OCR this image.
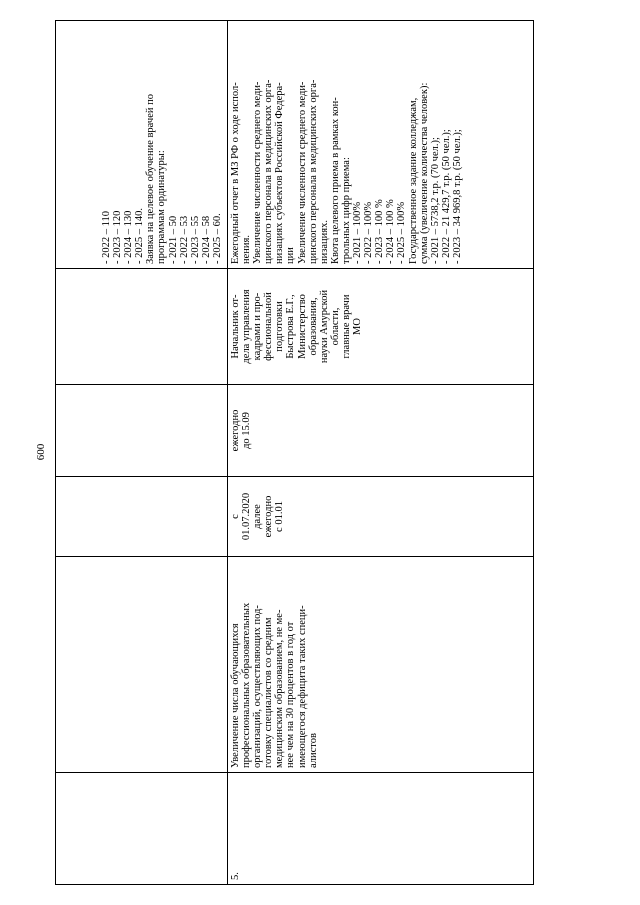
600
- 2022 – 110 - 2023 – 120 - 2024 – 130 - 2025 – 140. Заявка на целевое обучение врачей по программам ординатуры: - 2021 – 50 - 2022 – 53 - 2023 – 55 - 2024 – 58 - 2025 – 60.
5.
Увеличение числа обучающихся профессиональных образовательных организаций, осуществляющих под- готовку специалистов со средним медицинским образованием, не ме- нее чем на 30 процентов в год от имеющегося дефицита таких специ- алистов
с 01.07.2020 далее ежегодно с 01.01
ежегодно до 15.09
Начальник от- дела управления кадрами и про- фессиональной подготовки Быстрова Е.Г., Министерство образования, науки Амурской области, главные врачи МО
Ежегодный отчет в МЗ РФ о ходе испол- нения. Увеличение численности среднего меди- цинского персонала в медицинских орга- низациях субъектов Российской Федера- ции Увеличение численности среднего меди- цинского персонала в медицинских орга- низациях. Квота целевого приема в рамках кон- трольных цифр приема: - 2021 – 100% - 2022 – 100% - 2023 – 100 % - 2024 – 100 % - 2025 – 100% Государственное задание колледжам, сумма (увеличение количества человек): - 2021 – 5738,2 т.р. (70 чел.); - 2022 – 21 429,7 т.р. (50 чел.); - 2023 – 34 969,8 т.р. (50 чел.);
